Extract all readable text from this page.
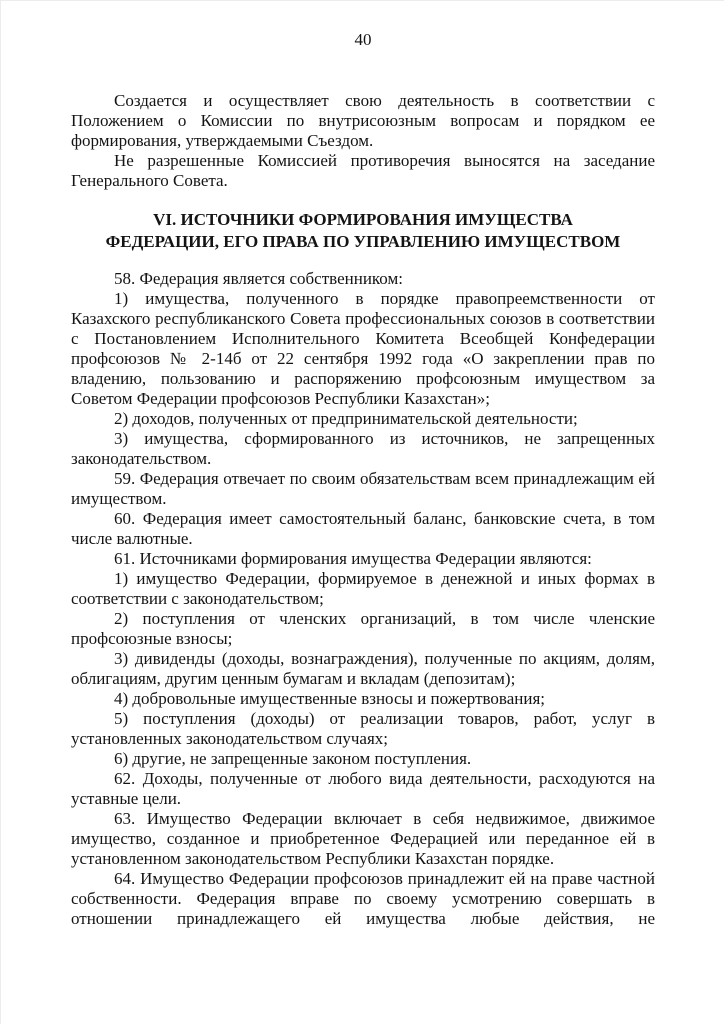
40

Создается и осуществляет свою деятельность в соответствии с Положением о Комиссии по внутрисоюзным вопросам и порядком ее формирования, утверждаемыми Съездом.

Не разрешенные Комиссией противоречия выносятся на заседание Генерального Совета.

VI. ИСТОЧНИКИ ФОРМИРОВАНИЯ ИМУЩЕСТВА
ФЕДЕРАЦИИ, ЕГО ПРАВА ПО УПРАВЛЕНИЮ ИМУЩЕСТВОМ

58. Федерация является собственником:

1) имущества, полученного в порядке правопреемственности от Казахского республиканского Совета профессиональных союзов в соответствии с Постановлением Исполнительного Комитета Всеобщей Конфедерации профсоюзов № 2-14б от 22 сентября 1992 года «О закреплении прав по владению, пользованию и распоряжению профсоюзным имуществом за Советом Федерации профсоюзов Республики Казахстан»;

2) доходов, полученных от предпринимательской деятельности;

3) имущества, сформированного из источников, не запрещенных законодательством.

59. Федерация отвечает по своим обязательствам всем принадлежащим ей имуществом.

60. Федерация имеет самостоятельный баланс, банковские счета, в том числе валютные.

61. Источниками формирования имущества Федерации являются:

1) имущество Федерации, формируемое в денежной и иных формах в соответствии с законодательством;

2) поступления от членских организаций, в том числе членские профсоюзные взносы;

3) дивиденды (доходы, вознаграждения), полученные по акциям, долям, облигациям, другим ценным бумагам и вкладам (депозитам);

4) добровольные имущественные взносы и пожертвования;

5) поступления (доходы) от реализации товаров, работ, услуг в установленных законодательством случаях;

6) другие, не запрещенные законом поступления.

62. Доходы, полученные от любого вида деятельности, расходуются на уставные цели.

63. Имущество Федерации включает в себя недвижимое, движимое имущество, созданное и приобретенное Федерацией или переданное ей в установленном законодательством Республики Казахстан порядке.

64. Имущество Федерации профсоюзов принадлежит ей на праве частной собственности. Федерация вправе по своему усмотрению совершать в отношении принадлежащего ей имущества любые действия, не
